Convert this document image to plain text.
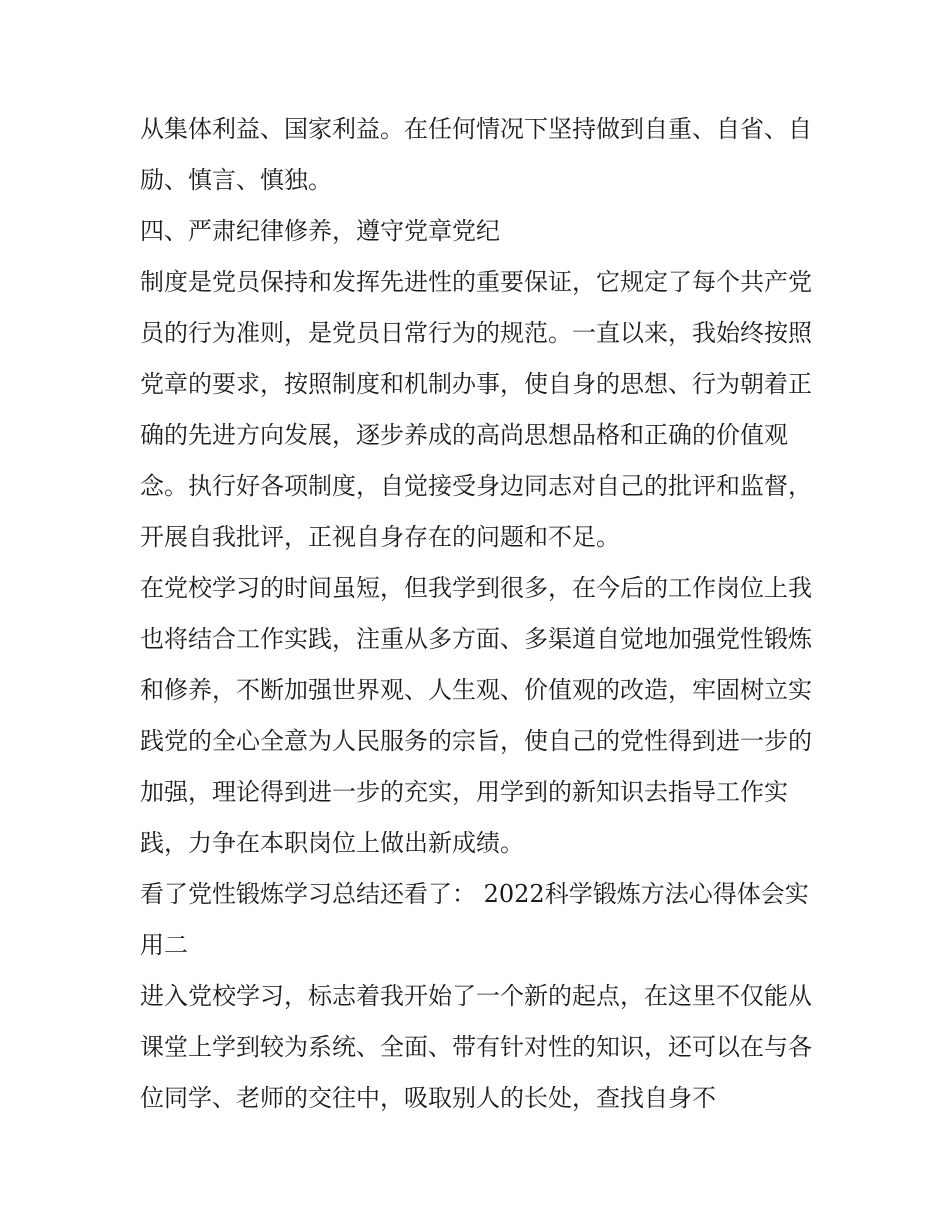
从集体利益、国家利益。在任何情况下坚持做到自重、自省、自励、慎言、慎独。

四、严肃纪律修养，遵守党章党纪

制度是党员保持和发挥先进性的重要保证，它规定了每个共产党员的行为准则，是党员日常行为的规范。一直以来，我始终按照党章的要求，按照制度和机制办事，使自身的思想、行为朝着正确的先进方向发展，逐步养成的高尚思想品格和正确的价值观念。执行好各项制度，自觉接受身边同志对自己的批评和监督，开展自我批评，正视自身存在的问题和不足。

在党校学习的时间虽短，但我学到很多，在今后的工作岗位上我也将结合工作实践，注重从多方面、多渠道自觉地加强党性锻炼和修养，不断加强世界观、人生观、价值观的改造，牢固树立实践党的全心全意为人民服务的宗旨，使自己的党性得到进一步的加强，理论得到进一步的充实，用学到的新知识去指导工作实践，力争在本职岗位上做出新成绩。

看了党性锻炼学习总结还看了： 2022科学锻炼方法心得体会实用二

进入党校学习，标志着我开始了一个新的起点，在这里不仅能从课堂上学到较为系统、全面、带有针对性的知识，还可以在与各位同学、老师的交往中，吸取别人的长处，查找自身不
